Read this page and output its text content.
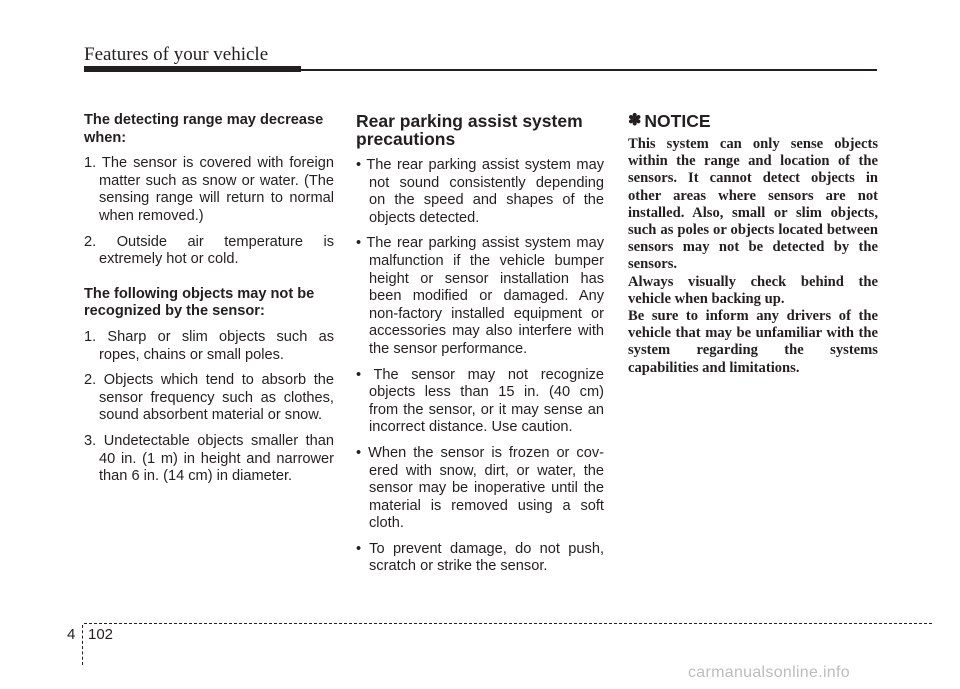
Features of your vehicle

The detecting range may decrease when:

1. The sensor is covered with foreign matter such as snow or water. (The sensing range will return to normal when removed.)

2. Outside air temperature is extremely hot or cold.

The following objects may not be recognized by the sensor:

1. Sharp or slim objects such as ropes, chains or small poles.

2. Objects which tend to absorb the sensor frequency such as clothes, sound absorbent material or snow.

3. Undetectable objects smaller than 40 in. (1 m) in height and narrower than 6 in. (14 cm) in diameter.

Rear parking assist system precautions

• The rear parking assist system may not sound consistently depending on the speed and shapes of the objects detected.

• The rear parking assist system may malfunction if the vehicle bumper height or sensor installation has been modified or damaged. Any non-factory installed equipment or accessories may also interfere with the sensor performance.

• The sensor may not recognize objects less than 15 in. (40 cm) from the sensor, or it may sense an incorrect distance. Use caution.

• When the sensor is frozen or cov- ered with snow, dirt, or water, the sensor may be inoperative until the material is removed using a soft cloth.

• To prevent damage, do not push, scratch or strike the sensor.

✽ NOTICE

This system can only sense objects within the range and location of the sensors. It cannot detect objects in other areas where sensors are not installed. Also, small or slim objects, such as poles or objects located between sensors may not be detected by the sensors.

Always visually check behind the vehicle when backing up.

Be sure to inform any drivers of the vehicle that may be unfamiliar with the system regarding the systems capabilities and limitations.

4 102
carmanualsonline.info
